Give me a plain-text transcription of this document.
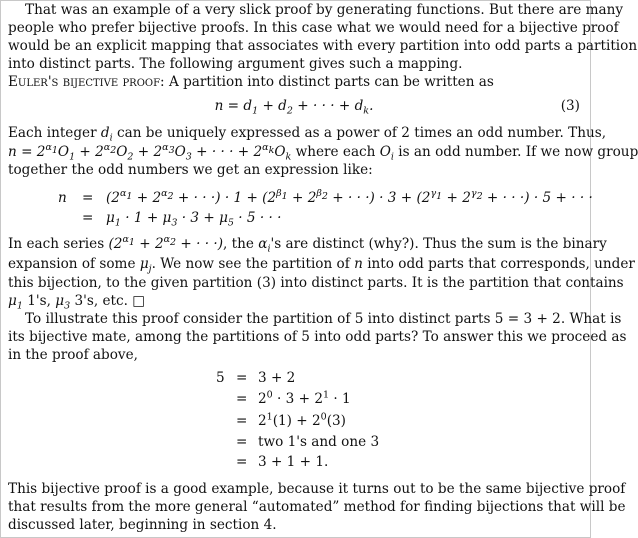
That was an example of a very slick proof by generating functions. But there are many
people who prefer bijective proofs. In this case what we would need for a bijective proof
would be an explicit mapping that associates with every partition into odd parts a partition
into distinct parts. The following argument gives such a mapping.
Euler's bijective proof: A partition into distinct parts can be written as
$n = d_1 + d_2$ + · · · + $d_k$.	(3)
Each integer $d_i$ can be uniquely expressed as a power of 2 times an odd number. Thus,
$n = 2^{\alpha_1}O_1 + 2^{\alpha_2}O_2 + 2^{\alpha_3}O_3$ + · · · + $2^{\alpha_k}O_k$ where each $O_i$ is an odd number. If we now group
together the odd numbers we get an expression like:
$n = (2^{\alpha_1} + 2^{\alpha_2}$ + · · ·) · $1 + (2^{\beta_1} + 2^{\beta_2}$ + · · ·) · $3 + (2^{\gamma_1} + 2^{\gamma_2}$ + · · ·) · 5 + · · ·
= $\mu_1 \cdot 1 + \mu_3 \cdot 3 + \mu_5 \cdot 5$ · · ·
In each series ($2^{\alpha_1} + 2^{\alpha_2}$ + · · ·), the $\alpha_i's$ are distinct (why?). Thus the sum is the binary
expansion of some $\mu_j$. We now see the partition of n into odd parts that corresponds, under
this bijection, to the given partition (3) into distinct parts. It is the partition that contains
$\mu_1$ 1's, $\mu_3$ 3's, etc. □
To illustrate this proof consider the partition of 5 into distinct parts 5 = 3 + 2. What is
its bijective mate, among the partitions of 5 into odd parts? To answer this we proceed as
in the proof above,
5 = 3 + 2
= $2^0 \cdot 3 + 2^1 \cdot 1$
= $2^1(1) + 2^0(3)$
= two 1's and one 3
= 3 + 1 + 1.
This bijective proof is a good example, because it turns out to be the same bijective proof
that results from the more general “automated” method for finding bijections that will be
discussed later, beginning in section 4.
